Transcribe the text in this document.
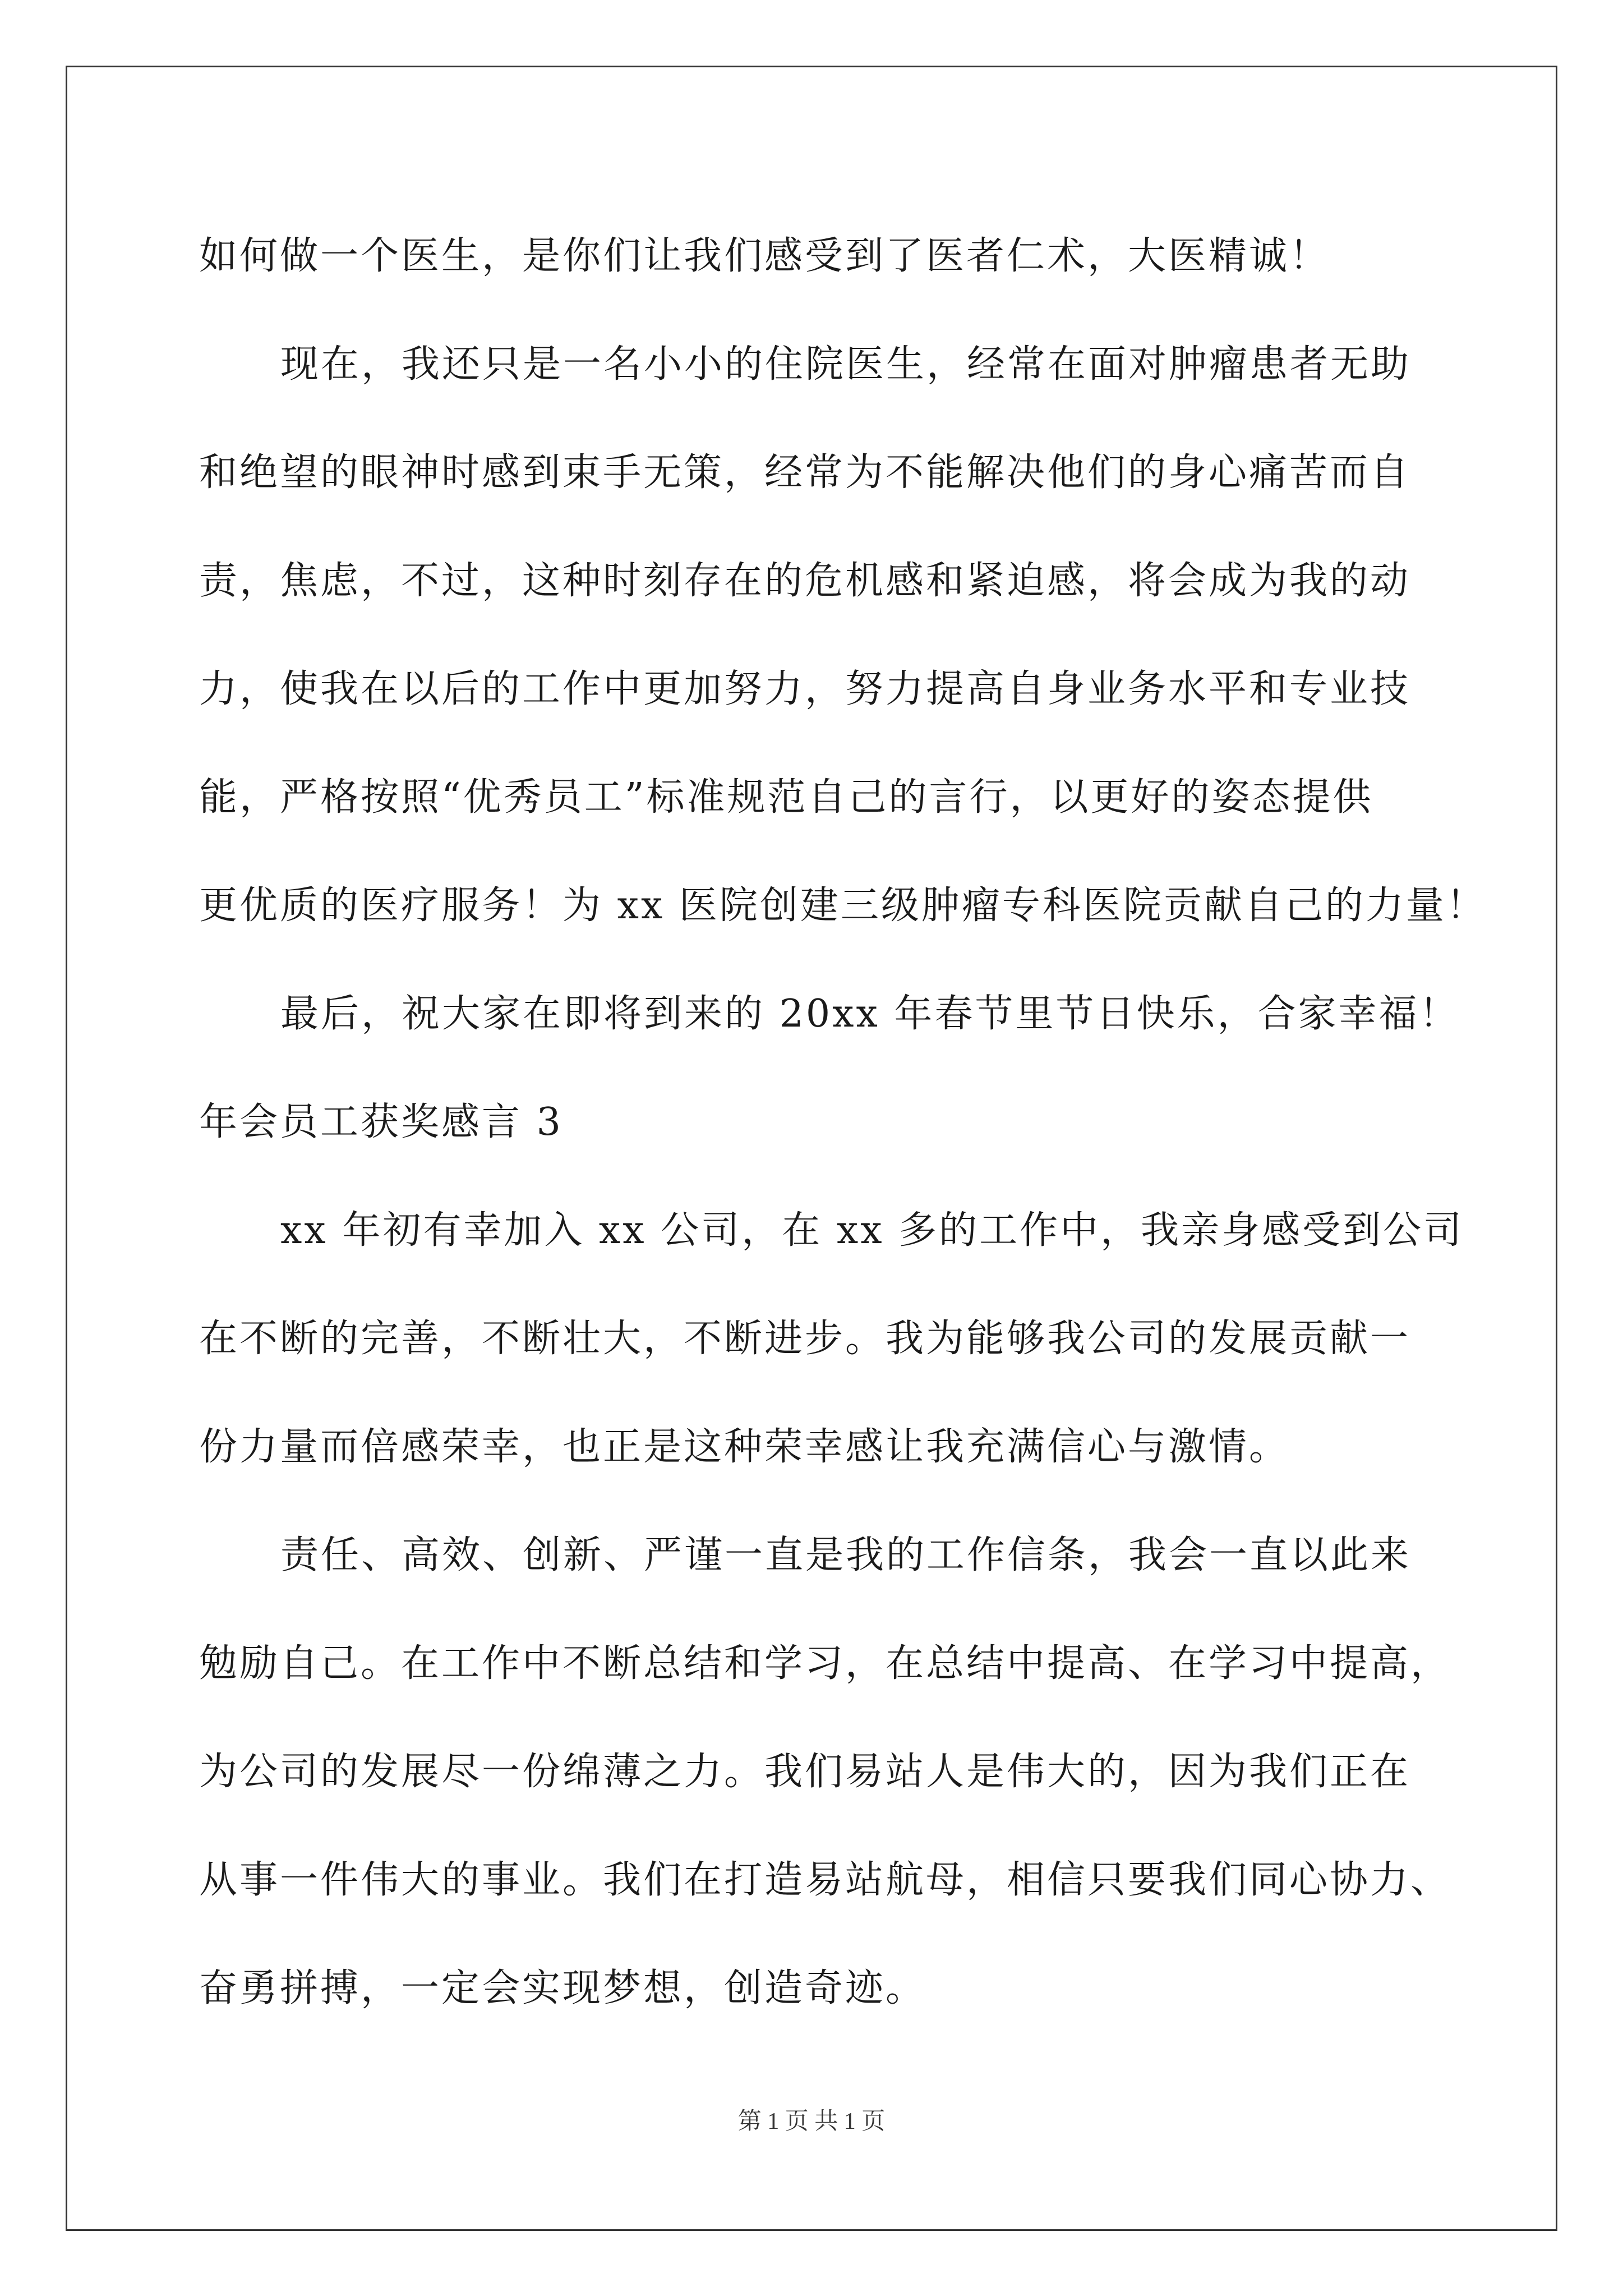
如何做一个医生，是你们让我们感受到了医者仁术，大医精诚！
现在，我还只是一名小小的住院医生，经常在面对肿瘤患者无助
和绝望的眼神时感到束手无策，经常为不能解决他们的身心痛苦而自
责，焦虑，不过，这种时刻存在的危机感和紧迫感，将会成为我的动
力，使我在以后的工作中更加努力，努力提高自身业务水平和专业技
能，严格按照“优秀员工”标准规范自己的言行，以更好的姿态提供
更优质的医疗服务！为 xx 医院创建三级肿瘤专科医院贡献自己的力量！
最后，祝大家在即将到来的 20xx 年春节里节日快乐，合家幸福！
年会员工获奖感言 3
xx 年初有幸加入 xx 公司，在 xx 多的工作中，我亲身感受到公司
在不断的完善，不断壮大，不断进步。我为能够我公司的发展贡献一
份力量而倍感荣幸，也正是这种荣幸感让我充满信心与激情。
责任、高效、创新、严谨一直是我的工作信条，我会一直以此来
勉励自己。在工作中不断总结和学习，在总结中提高、在学习中提高，
为公司的发展尽一份绵薄之力。我们易站人是伟大的，因为我们正在
从事一件伟大的事业。我们在打造易站航母，相信只要我们同心协力、
奋勇拼搏，一定会实现梦想，创造奇迹。
第 1 页 共 1 页
